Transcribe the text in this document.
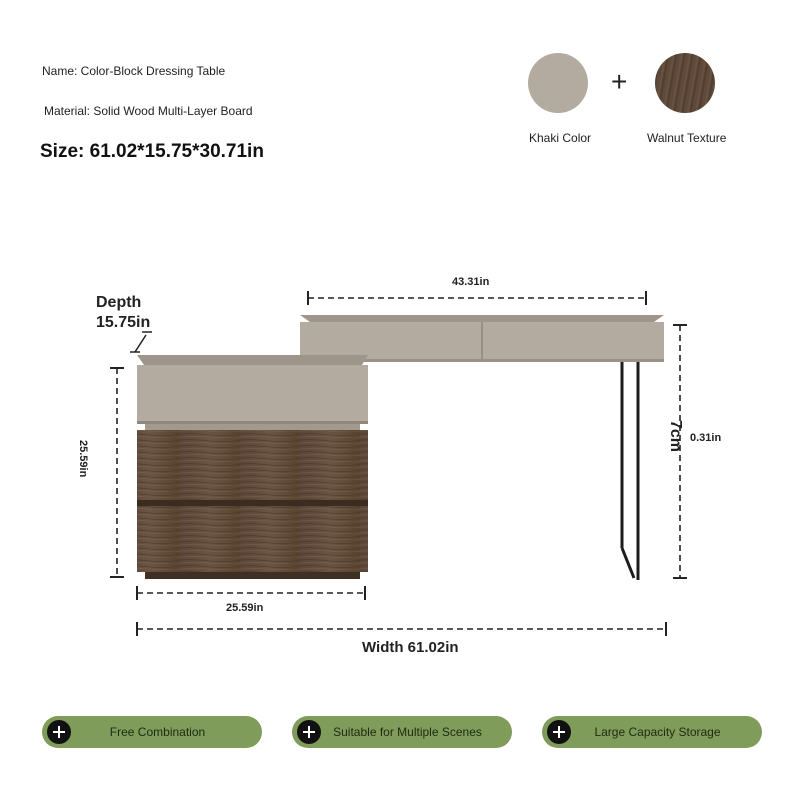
Name: Color-Block Dressing Table
Material: Solid Wood Multi-Layer Board
Size: 61.02*15.75*30.71in
+
Khaki Color	Walnut Texture
Depth
15.75in
43.31in
25.59in
25.59in
7cm 0.31in
Width 61.02in
Free Combination	Suitable for Multiple Scenes	Large Capacity Storage
